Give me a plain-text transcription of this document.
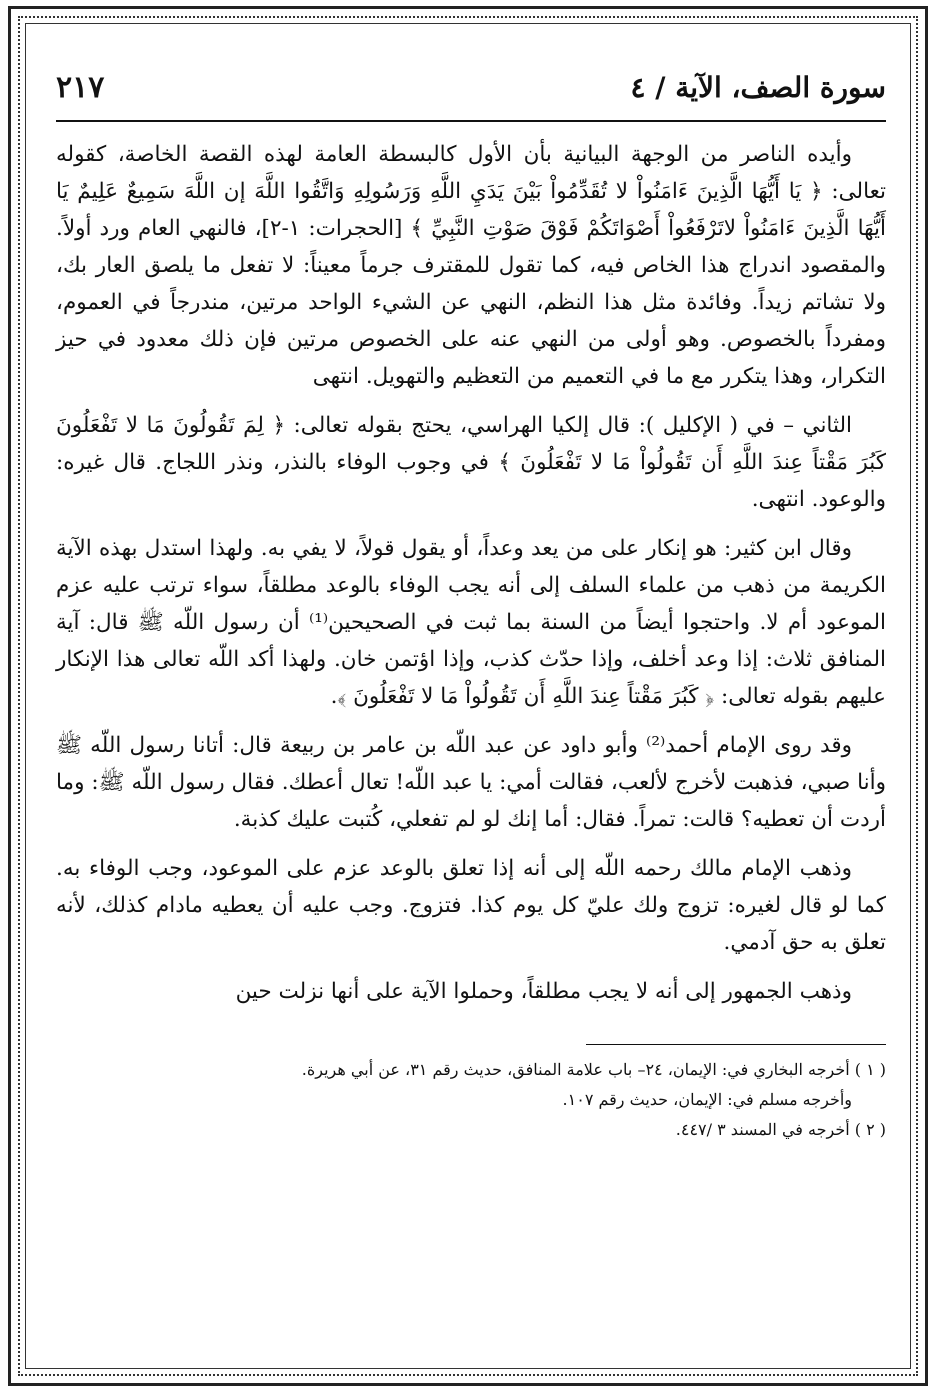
سورة الصف، الآية / ٤
٢١٧

وأيده الناصر من الوجهة البيانية بأن الأول كالبسطة العامة لهذه القصة الخاصة، كقوله تعالى: ﴿ يَا أَيُّهَا الَّذِينَ ءَامَنُواْ لا تُقَدِّمُواْ بَيْنَ يَدَيِ اللَّهِ وَرَسُولِهِ وَاتَّقُوا اللَّهَ إن اللَّهَ سَمِيعٌ عَلِيمٌ يَا أَيُّهَا الَّذِينَ ءَامَنُواْ لاتَرْفَعُواْ أَصْوَاتَكُمْ فَوْقَ صَوْتِ النَّبِيِّ ﴾ [الحجرات: ١-٢]، فالنهي العام ورد أولاً. والمقصود اندراج هذا الخاص فيه، كما تقول للمقترف جرماً معيناً: لا تفعل ما يلصق العار بك، ولا تشاتم زيداً. وفائدة مثل هذا النظم، النهي عن الشيء الواحد مرتين، مندرجاً في العموم، ومفرداً بالخصوص. وهو أولى من النهي عنه على الخصوص مرتين فإن ذلك معدود في حيز التكرار، وهذا يتكرر مع ما في التعميم من التعظيم والتهويل. انتهى

الثاني – في ( الإكليل ): قال إلكيا الهراسي، يحتج بقوله تعالى: ﴿ لِمَ تَقُولُونَ مَا لا تَفْعَلُونَ كَبُرَ مَقْتاً عِندَ اللَّهِ أَن تَقُولُواْ مَا لا تَفْعَلُونَ ﴾ في وجوب الوفاء بالنذر، ونذر اللجاج. قال غيره: والوعود. انتهى.

وقال ابن كثير: هو إنكار على من يعد وعداً، أو يقول قولاً، لا يفي به. ولهذا استدل بهذه الآية الكريمة من ذهب من علماء السلف إلى أنه يجب الوفاء بالوعد مطلقاً، سواء ترتب عليه عزم الموعود أم لا. واحتجوا أيضاً من السنة بما ثبت في الصحيحين⁽¹⁾ أن رسول اللّه ﷺ قال: آية المنافق ثلاث: إذا وعد أخلف، وإذا حدّث كذب، وإذا اؤتمن خان. ولهذا أكد اللّه تعالى هذا الإنكار عليهم بقوله تعالى: ﴿ كَبُرَ مَقْتاً عِندَ اللَّهِ أَن تَقُولُواْ مَا لا تَفْعَلُونَ ﴾.

وقد روى الإمام أحمد⁽²⁾ وأبو داود عن عبد اللّه بن عامر بن ربيعة قال: أتانا رسول اللّه ﷺ وأنا صبي، فذهبت لأخرج لألعب، فقالت أمي: يا عبد اللّه! تعال أعطك. فقال رسول اللّه ﷺ: وما أردت أن تعطيه؟ قالت: تمراً. فقال: أما إنك لو لم تفعلي، كُتبت عليك كذبة.

وذهب الإمام مالك رحمه اللّه إلى أنه إذا تعلق بالوعد عزم على الموعود، وجب الوفاء به. كما لو قال لغيره: تزوج ولك عليّ كل يوم كذا. فتزوج. وجب عليه أن يعطيه مادام كذلك، لأنه تعلق به حق آدمي.

وذهب الجمهور إلى أنه لا يجب مطلقاً، وحملوا الآية على أنها نزلت حين

( ١ ) أخرجه البخاري في: الإيمان، ٢٤– باب علامة المنافق، حديث رقم ٣١، عن أبي هريرة.

وأخرجه مسلم في: الإيمان، حديث رقم ١٠٧.

( ٢ ) أخرجه في المسند ٣ /٤٤٧.
